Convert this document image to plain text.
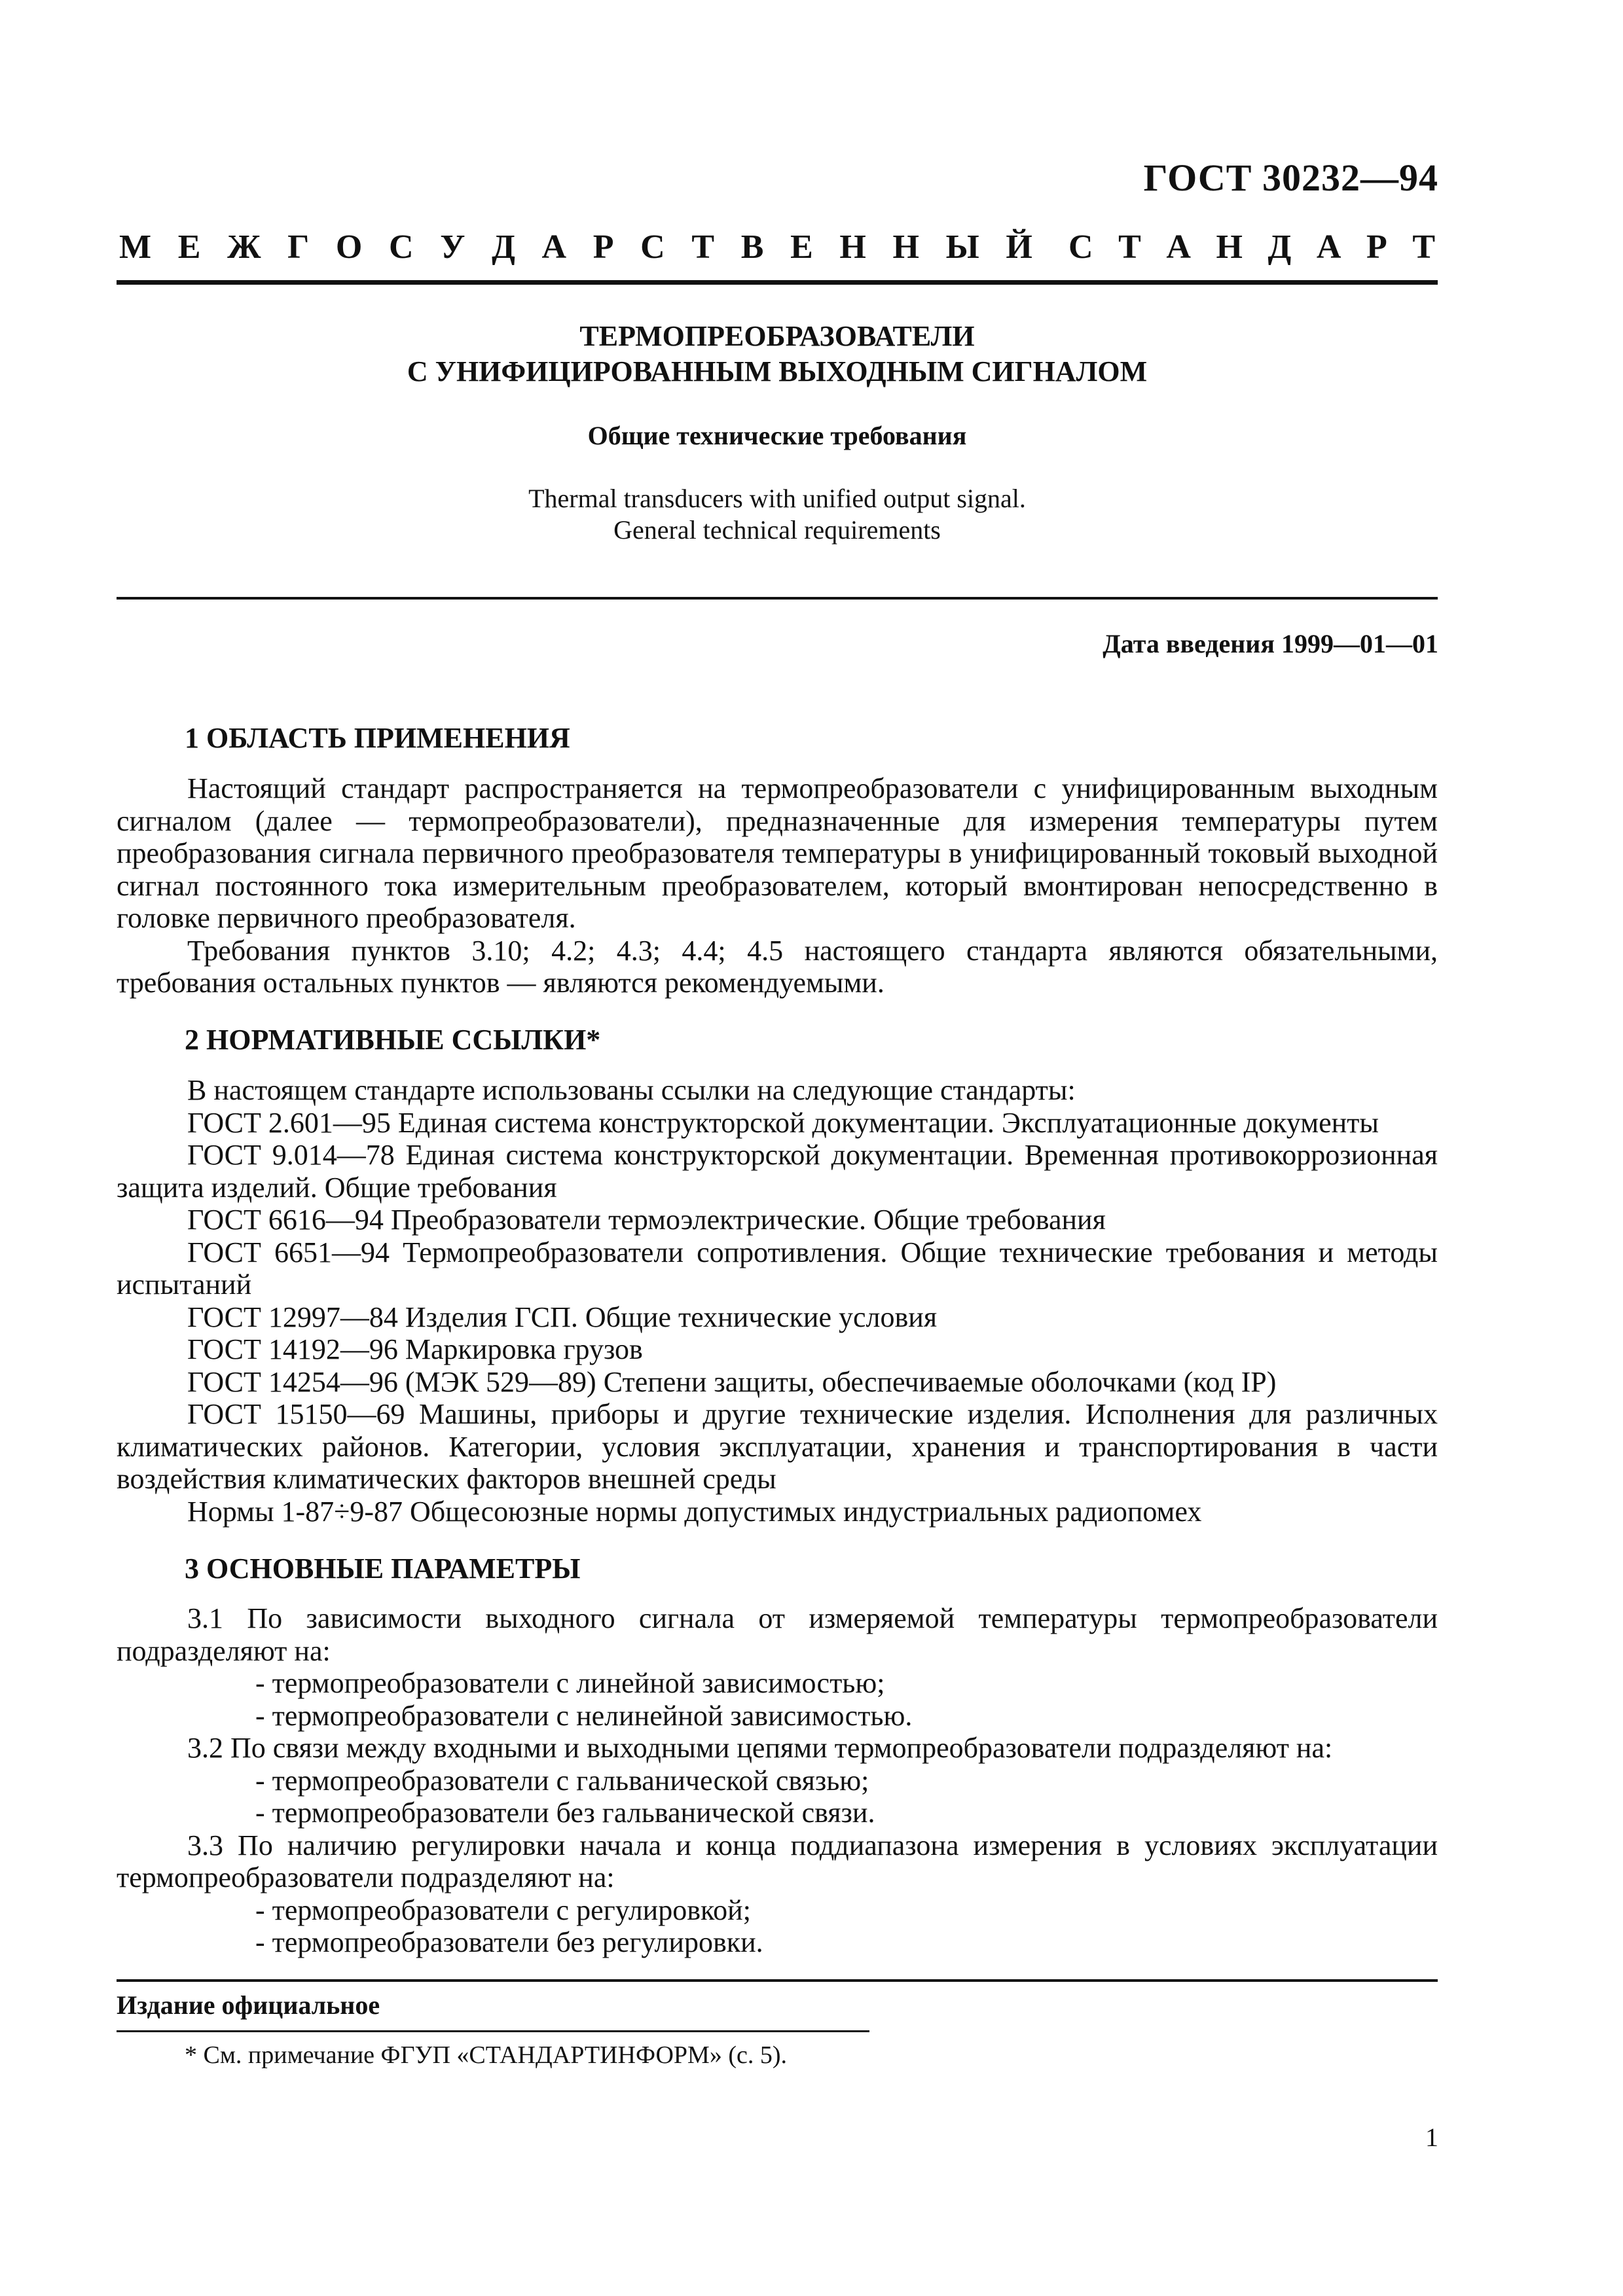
ГОСТ 30232—94
М Е Ж Г О С У Д А Р С Т В Е Н Н Ы Й С Т А Н Д А Р Т
ТЕРМОПРЕОБРАЗОВАТЕЛИ
С УНИФИЦИРОВАННЫМ ВЫХОДНЫМ СИГНАЛОМ
Общие технические требования
Thermal transducers with unified output signal.
General technical requirements
Дата введения 1999—01—01
1 ОБЛАСТЬ ПРИМЕНЕНИЯ

Настоящий стандарт распространяется на термопреобразователи с унифицированным выходным сигналом (далее — термопреобразователи), предназначенные для измерения температуры путем преобразования сигнала первичного преобразователя температуры в унифицированный токовый выходной сигнал постоянного тока измерительным преобразователем, который вмонтирован непосредственно в головке первичного преобразователя.

Требования пунктов 3.10; 4.2; 4.3; 4.4; 4.5 настоящего стандарта являются обязательными, требования остальных пунктов — являются рекомендуемыми.

2 НОРМАТИВНЫЕ ССЫЛКИ*

В настоящем стандарте использованы ссылки на следующие стандарты:

ГОСТ 2.601—95 Единая система конструкторской документации. Эксплуатационные документы

ГОСТ 9.014—78 Единая система конструкторской документации. Временная противокоррозионная защита изделий. Общие требования

ГОСТ 6616—94 Преобразователи термоэлектрические. Общие требования

ГОСТ 6651—94 Термопреобразователи сопротивления. Общие технические требования и методы испытаний

ГОСТ 12997—84 Изделия ГСП. Общие технические условия

ГОСТ 14192—96 Маркировка грузов

ГОСТ 14254—96 (МЭК 529—89) Степени защиты, обеспечиваемые оболочками (код IP)

ГОСТ 15150—69 Машины, приборы и другие технические изделия. Исполнения для различных климатических районов. Категории, условия эксплуатации, хранения и транспортирования в части воздействия климатических факторов внешней среды

Нормы 1-87÷9-87 Общесоюзные нормы допустимых индустриальных радиопомех

3 ОСНОВНЫЕ ПАРАМЕТРЫ

3.1 По зависимости выходного сигнала от измеряемой температуры термопреобразователи подразделяют на:

- термопреобразователи с линейной зависимостью;

- термопреобразователи с нелинейной зависимостью.

3.2 По связи между входными и выходными цепями термопреобразователи подразделяют на:

- термопреобразователи с гальванической связью;

- термопреобразователи без гальванической связи.

3.3 По наличию регулировки начала и конца поддиапазона измерения в условиях эксплуатации термопреобразователи подразделяют на:

- термопреобразователи с регулировкой;

- термопреобразователи без регулировки.

Издание официальное
* См. примечание ФГУП «СТАНДАРТИНФОРМ» (с. 5).
1
